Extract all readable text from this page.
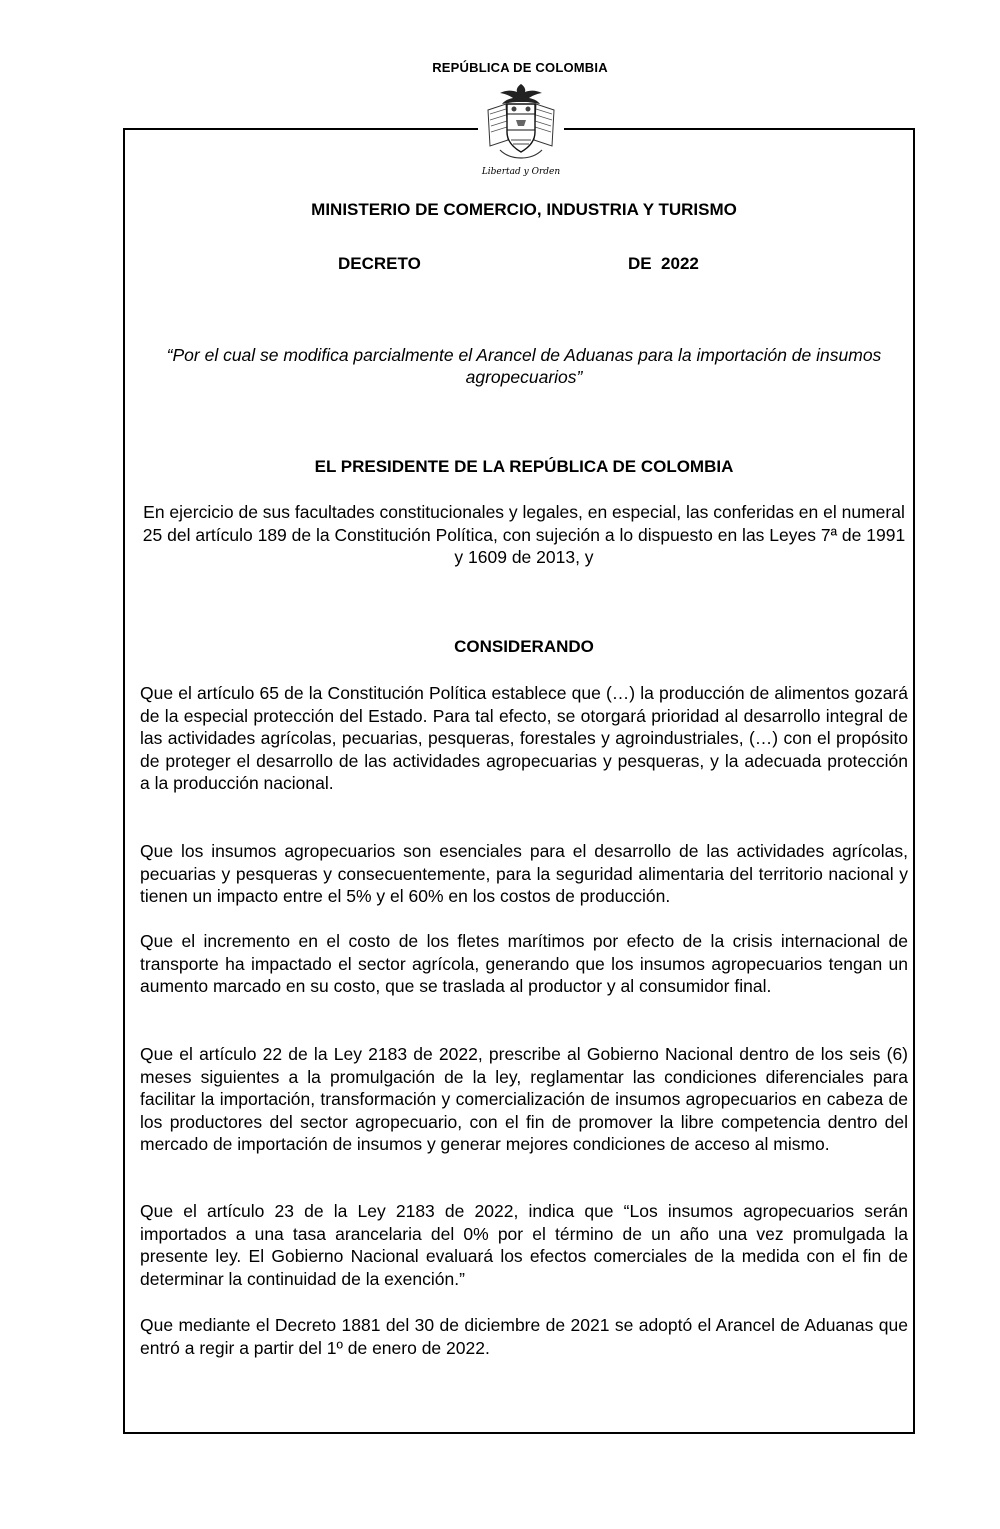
REPÚBLICA DE COLOMBIA
Libertad y Orden
MINISTERIO DE COMERCIO, INDUSTRIA Y TURISMO
DECRETO	DE  2022
“Por el cual se modifica parcialmente el Arancel de Aduanas para la importación de insumos agropecuarios”
EL PRESIDENTE DE LA REPÚBLICA DE COLOMBIA
En ejercicio de sus facultades constitucionales y legales, en especial, las conferidas en el numeral 25 del artículo 189 de la Constitución Política, con sujeción a lo dispuesto en las Leyes 7ª de 1991 y 1609 de 2013, y
CONSIDERANDO
Que el artículo 65 de la Constitución Política establece que (…) la producción de alimentos gozará de la especial protección del Estado. Para tal efecto, se otorgará prioridad al desarrollo integral de las actividades agrícolas, pecuarias, pesqueras, forestales y agroindustriales, (…) con el propósito de proteger el desarrollo de las actividades agropecuarias y pesqueras, y la adecuada protección a la producción nacional.
Que los insumos agropecuarios son esenciales para el desarrollo de las actividades agrícolas, pecuarias y pesqueras y consecuentemente, para la seguridad alimentaria del territorio nacional y tienen un impacto entre el 5% y el 60% en los costos de producción.
Que el incremento en el costo de los fletes marítimos por efecto de la crisis internacional de transporte ha impactado el sector agrícola, generando que los insumos agropecuarios tengan un aumento marcado en su costo, que se traslada al productor y al consumidor final.
Que el artículo 22 de la Ley 2183 de 2022, prescribe al Gobierno Nacional dentro de los seis (6) meses siguientes a la promulgación de la ley, reglamentar las condiciones diferenciales para facilitar la importación, transformación y comercialización de insumos agropecuarios en cabeza de los productores del sector agropecuario, con el fin de promover la libre competencia dentro del mercado de importación de insumos y generar mejores condiciones de acceso al mismo.
Que el artículo 23 de la Ley 2183 de 2022, indica que “Los insumos agropecuarios serán importados a una tasa arancelaria del 0% por el término de un año una vez promulgada la presente ley. El Gobierno Nacional evaluará los efectos comerciales de la medida con el fin de determinar la continuidad de la exención.”
Que mediante el Decreto 1881 del 30 de diciembre de 2021 se adoptó el Arancel de Aduanas que entró a regir a partir del 1º de enero de 2022.
